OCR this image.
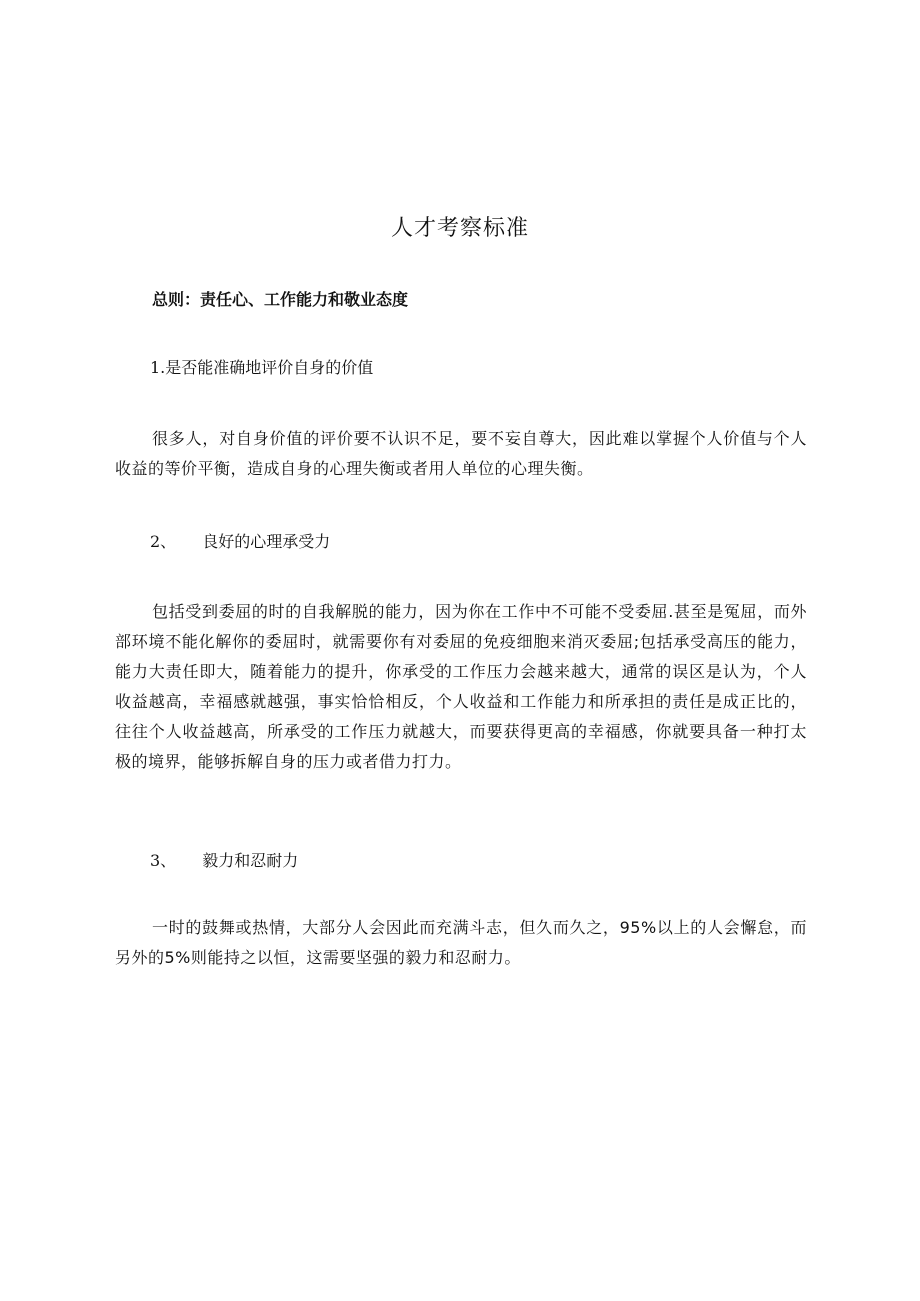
人才考察标准

总则：责任心、工作能力和敬业态度

1.是否能准确地评价自身的价值

很多人，对自身价值的评价要不认识不足，要不妄自尊大，因此难以掌握个人价值与个人收益的等价平衡，造成自身的心理失衡或者用人单位的心理失衡。

2、 良好的心理承受力

包括受到委屈的时的自我解脱的能力，因为你在工作中不可能不受委屈.甚至是冤屈，而外部环境不能化解你的委屈时，就需要你有对委屈的免疫细胞来消灭委屈;包括承受高压的能力，能力大责任即大，随着能力的提升，你承受的工作压力会越来越大，通常的误区是认为，个人收益越高，幸福感就越强，事实恰恰相反，个人收益和工作能力和所承担的责任是成正比的，往往个人收益越高，所承受的工作压力就越大，而要获得更高的幸福感，你就要具备一种打太极的境界，能够拆解自身的压力或者借力打力。

3、 毅力和忍耐力

一时的鼓舞或热情，大部分人会因此而充满斗志，但久而久之，95%以上的人会懈怠，而另外的5%则能持之以恒，这需要坚强的毅力和忍耐力。
